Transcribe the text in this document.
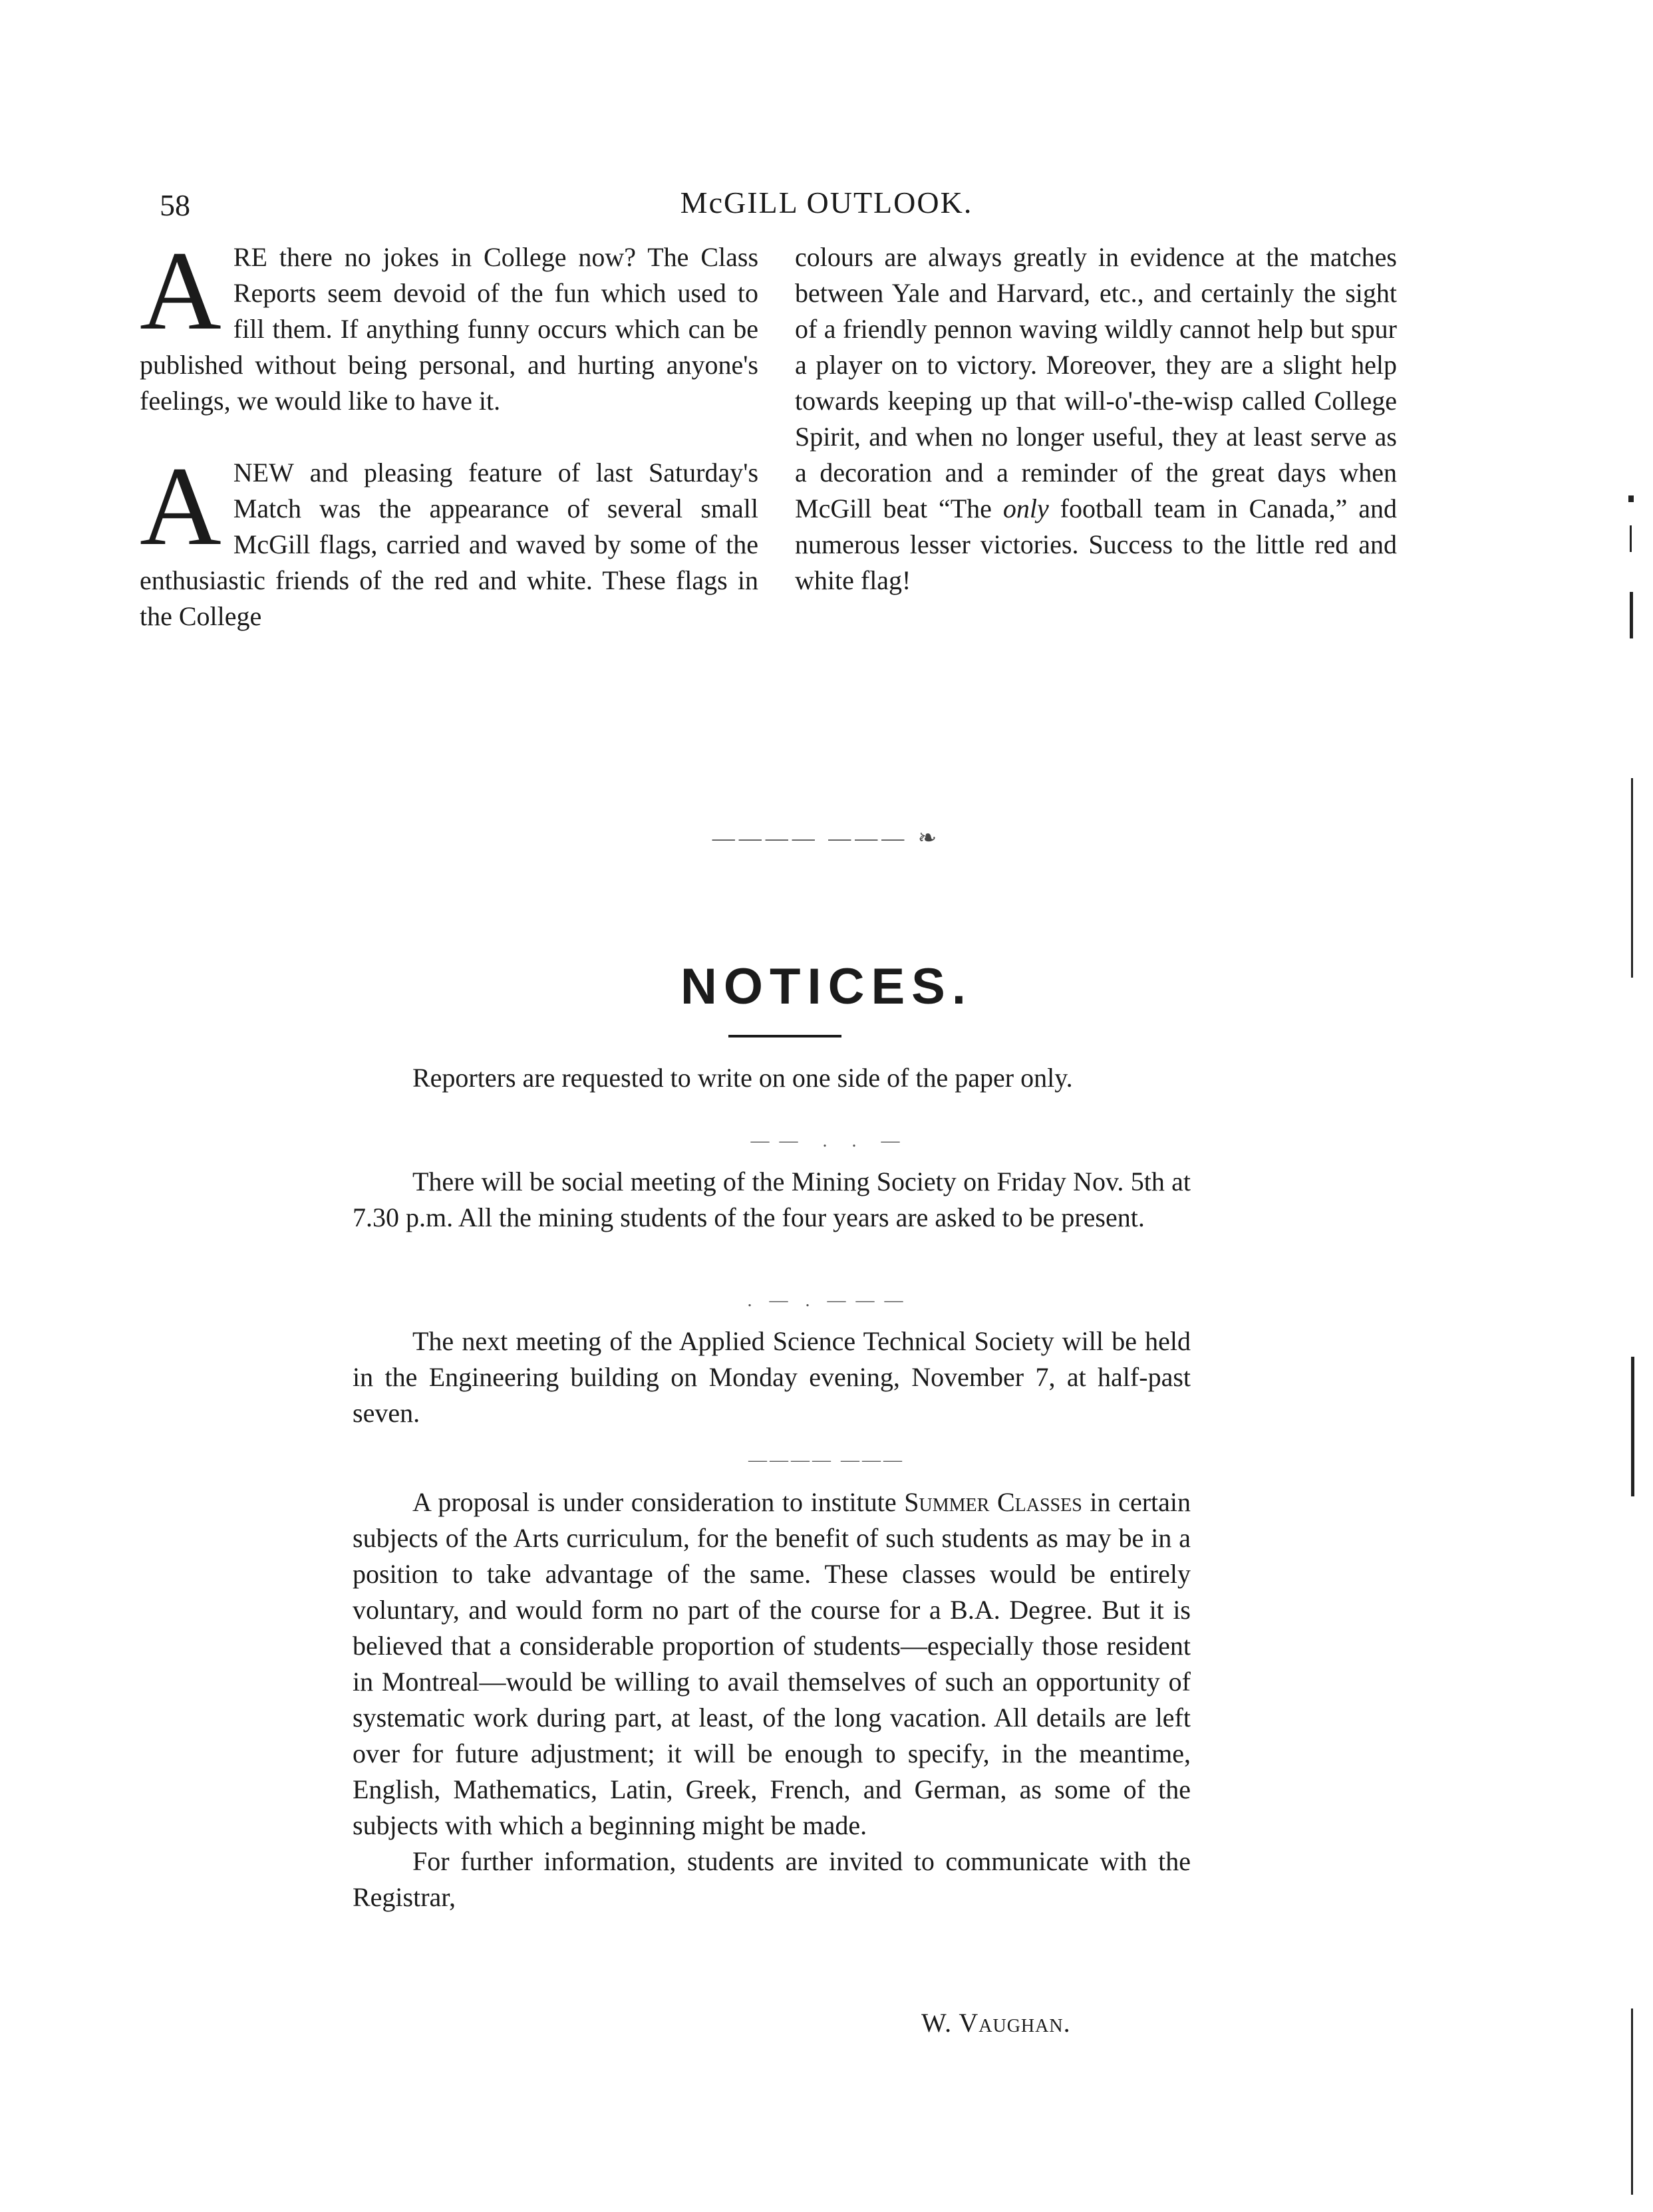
58	McGILL OUTLOOK.
A RE there no jokes in College now? The Class Reports seem devoid of the fun which used to fill them. If anything funny occurs which can be published without being personal, and hurting anyone's feelings, we would like to have it.

A NEW and pleasing feature of last Saturday's Match was the appearance of several small McGill flags, carried and waved by some of the enthusiastic friends of the red and white. These flags in the College

colours are always greatly in evidence at the matches between Yale and Harvard, etc., and certainly the sight of a friendly pennon waving wildly cannot help but spur a player on to victory. Moreover, they are a slight help towards keeping up that will-o'-the-wisp called College Spirit, and when no longer useful, they at least serve as a decoration and a reminder of the great days when McGill beat “The only football team in Canada,” and numerous lesser victories. Success to the little red and white flag!

———— ——— ❧
NOTICES.

Reporters are requested to write on one side of the paper only.

— —   .   .   —

There will be social meeting of the Mining Society on Friday Nov. 5th at 7.30 p.m. All the mining students of the four years are asked to be present.

.  —  .  — — —

The next meeting of the Applied Science Technical Society will be held in the Engineering building on Monday evening, November 7, at half-past seven.

———— ———

A proposal is under consideration to institute Summer Classes in certain subjects of the Arts curriculum, for the benefit of such students as may be in a position to take advantage of the same. These classes would be entirely voluntary, and would form no part of the course for a B.A. Degree. But it is believed that a considerable proportion of students—especially those resident in Montreal—would be willing to avail themselves of such an opportunity of systematic work during part, at least, of the long vacation. All details are left over for future adjustment; it will be enough to specify, in the meantime, English, Mathematics, Latin, Greek, French, and German, as some of the subjects with which a beginning might be made.

For further information, students are invited to communicate with the Registrar,

W. Vaughan.
